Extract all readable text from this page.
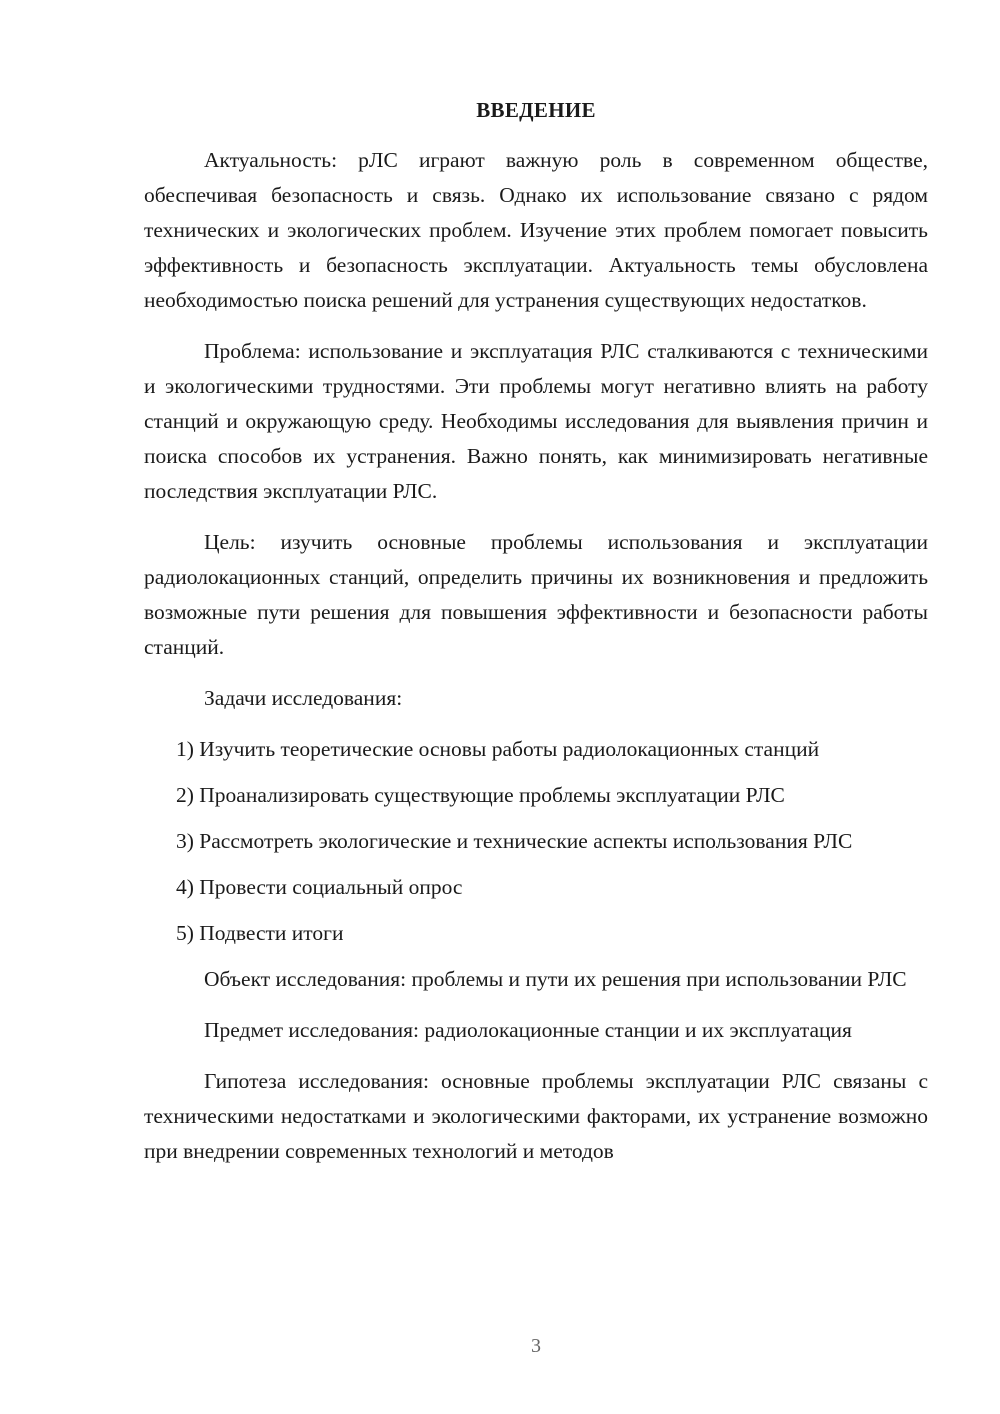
ВВЕДЕНИЕ

Актуальность: рЛС играют важную роль в современном обществе, обеспечивая безопасность и связь. Однако их использование связано с рядом технических и экологических проблем. Изучение этих проблем помогает повысить эффективность и безопасность эксплуатации. Актуальность темы обусловлена необходимостью поиска решений для устранения существующих недостатков.

Проблема: использование и эксплуатация РЛС сталкиваются с техническими и экологическими трудностями. Эти проблемы могут негативно влиять на работу станций и окружающую среду. Необходимы исследования для выявления причин и поиска способов их устранения. Важно понять, как минимизировать негативные последствия эксплуатации РЛС.

Цель: изучить основные проблемы использования и эксплуатации радиолокационных станций, определить причины их возникновения и предложить возможные пути решения для повышения эффективности и безопасности работы станций.

Задачи исследования:

1) Изучить теоретические основы работы радиолокационных станций

2) Проанализировать существующие проблемы эксплуатации РЛС

3) Рассмотреть экологические и технические аспекты использования РЛС

4) Провести социальный опрос

5) Подвести итоги

Объект исследования: проблемы и пути их решения при использовании РЛС

Предмет исследования: радиолокационные станции и их эксплуатация

Гипотеза исследования: основные проблемы эксплуатации РЛС связаны с техническими недостатками и экологическими факторами, их устранение возможно при внедрении современных технологий и методов

3
